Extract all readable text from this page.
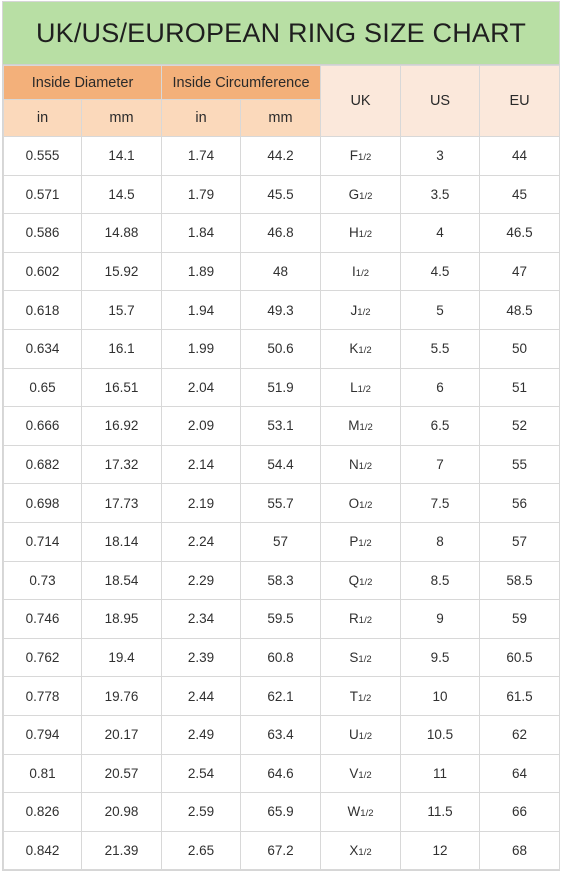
UK/US/EUROPEAN RING SIZE CHART
Inside Diameter		Inside Circumference		UK	US	EU
in	mm	in	mm			
0.555	14.1	1.74	44.2	F1/2	3	44
0.571	14.5	1.79	45.5	G1/2	3.5	45
0.586	14.88	1.84	46.8	H1/2	4	46.5
0.602	15.92	1.89	48	I1/2	4.5	47
0.618	15.7	1.94	49.3	J1/2	5	48.5
0.634	16.1	1.99	50.6	K1/2	5.5	50
0.65	16.51	2.04	51.9	L1/2	6	51
0.666	16.92	2.09	53.1	M1/2	6.5	52
0.682	17.32	2.14	54.4	N1/2	7	55
0.698	17.73	2.19	55.7	O1/2	7.5	56
0.714	18.14	2.24	57	P1/2	8	57
0.73	18.54	2.29	58.3	Q1/2	8.5	58.5
0.746	18.95	2.34	59.5	R1/2	9	59
0.762	19.4	2.39	60.8	S1/2	9.5	60.5
0.778	19.76	2.44	62.1	T1/2	10	61.5
0.794	20.17	2.49	63.4	U1/2	10.5	62
0.81	20.57	2.54	64.6	V1/2	11	64
0.826	20.98	2.59	65.9	W1/2	11.5	66
0.842	21.39	2.65	67.2	X1/2	12	68
